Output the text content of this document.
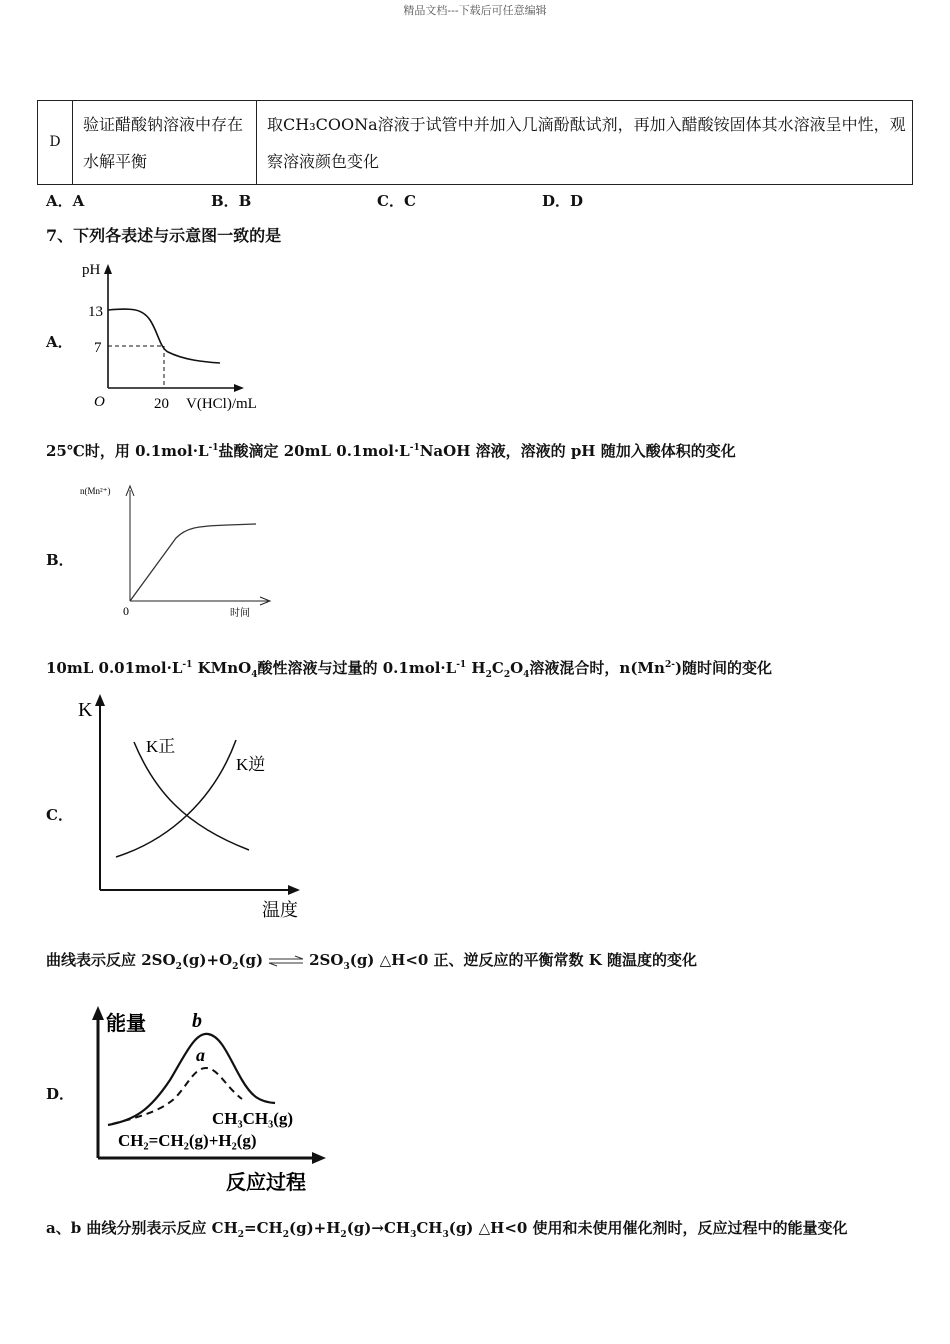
精品文档---下载后可任意编辑
D	验证醋酸钠溶液中存在水解平衡	取CH₃COONa溶液于试管中并加入几滴酚酞试剂，再加入醋酸铵固体其水溶液呈中性，观察溶液颜色变化
A．A	B．B	C．C	D．D
7、下列各表述与示意图一致的是
A．
pH
13
7
O	20 V(HCl)/mL
25℃时，用 $0.1mol\cdot L^{-1}$盐酸滴定 20mL $0.1mol\cdot L^{-1}NaOH$ 溶液，溶液的 pH 随加入酸体积的变化
B．
n(Mn²⁺)
0	时间
10mL $0.01mol\cdot L^{-1}$ KMnO$_4$酸性溶液与过量的 $0.1mol\cdot L^{-1}$ $H_2C_2O_4$溶液混合时，$n(Mn^{2-})$随时间的变化
C．
K
K正
K逆
温度
曲线表示反应 $2SO_2(g)+O_2(g)$ ⇌ $2SO_3(g)$ △H<0 正、逆反应的平衡常数 K 随温度的变化
D．
能量 b
a
CH₃CH₃(g)
CH₂=CH₂(g)+H₂(g)
反应过程
a、b 曲线分别表示反应 $CH_2=CH_2(g)+H_2(g)\to CH_3CH_3(g)$ △H<0 使用和未使用催化剂时，反应过程中的能量变化
